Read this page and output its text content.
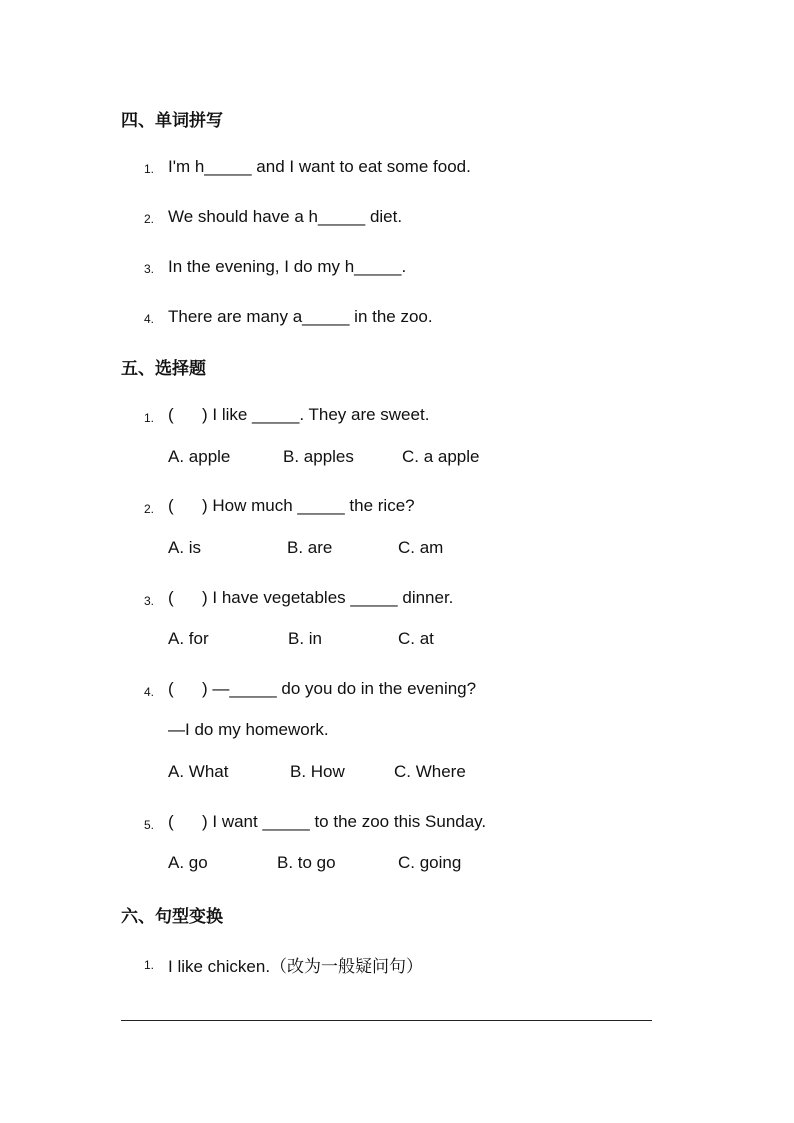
四、单词拼写
1. I'm h_____ and I want to eat some food.
2. We should have a h_____ diet.
3. In the evening, I do my h_____.
4. There are many a_____ in the zoo.
五、选择题
1. (      ) I like _____. They are sweet.
A. apple	B. apples	C. a apple
2. (      ) How much _____ the rice?
A. is	B. are	C. am
3. (      ) I have vegetables _____ dinner.
A. for	B. in	C. at
4. (      ) —_____ do you do in the evening?
—I do my homework.
A. What	B. How	C. Where
5. (      ) I want _____ to the zoo this Sunday.
A. go	B. to go	C. going
六、句型变换
1. I like chicken.（改为一般疑问句）
